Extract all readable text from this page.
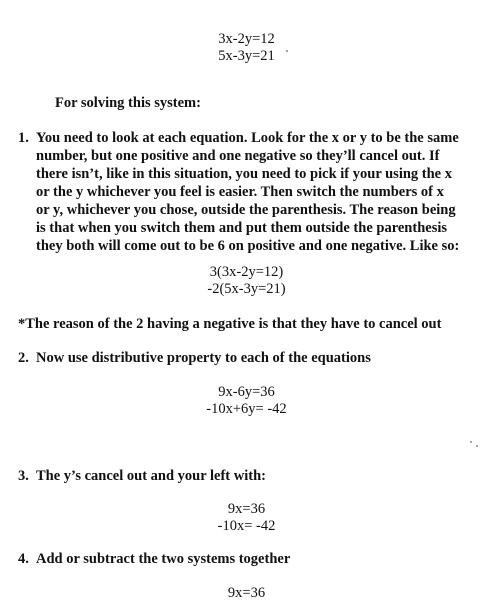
3x-2y=12
5x-3y=21
For solving this system:
1. You need to look at each equation. Look for the x or y to be the same
number, but one positive and one negative so they’ll cancel out. If
there isn’t, like in this situation, you need to pick if your using the x
or the y whichever you feel is easier. Then switch the numbers of x
or y, whichever you chose, outside the parenthesis. The reason being
is that when you switch them and put them outside the parenthesis
they both will come out to be 6 on positive and one negative. Like so:
3(3x-2y=12)
-2(5x-3y=21)
*The reason of the 2 having a negative is that they have to cancel out
2. Now use distributive property to each of the equations
9x-6y=36
-10x+6y= -42
3. The y’s cancel out and your left with:
9x=36
-10x= -42
4. Add or subtract the two systems together
9x=36
